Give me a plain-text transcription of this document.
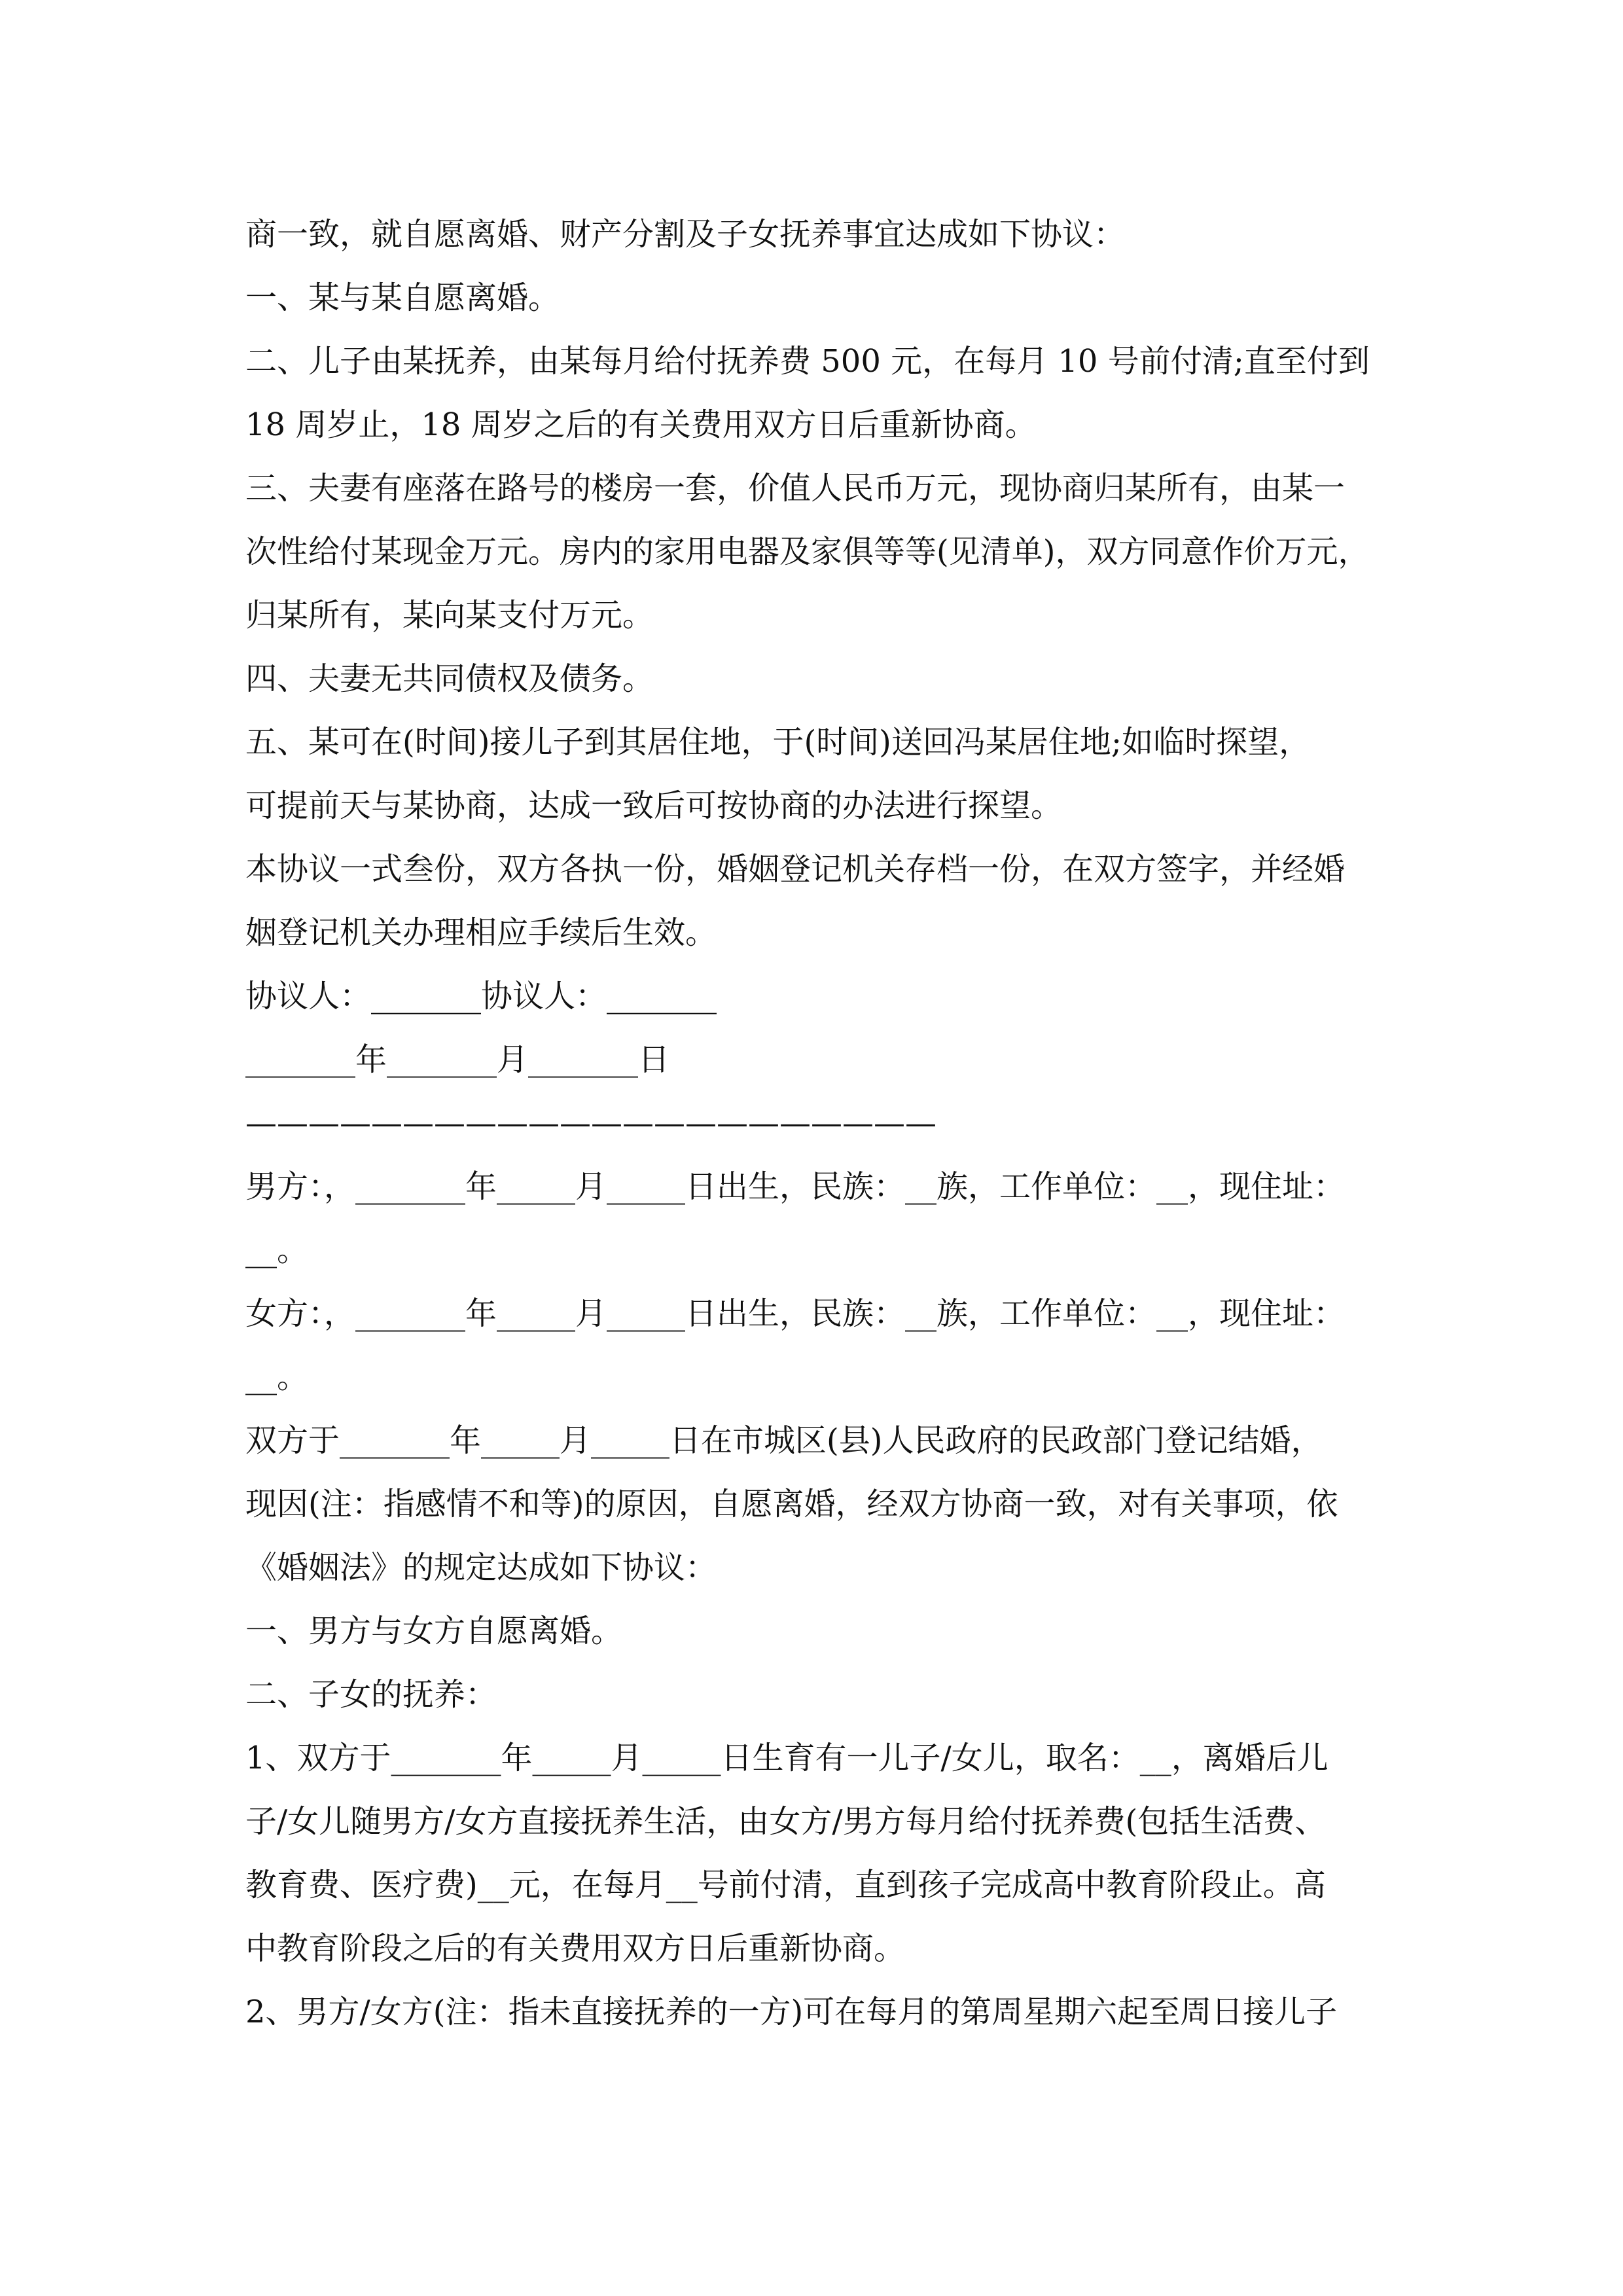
商一致，就自愿离婚、财产分割及子女抚养事宜达成如下协议：
一、某与某自愿离婚。
二、儿子由某抚养，由某每月给付抚养费 500 元，在每月 10 号前付清;直至付到
18 周岁止，18 周岁之后的有关费用双方日后重新协商。
三、夫妻有座落在路号的楼房一套，价值人民币万元，现协商归某所有，由某一
次性给付某现金万元。房内的家用电器及家俱等等(见清单)，双方同意作价万元，
归某所有，某向某支付万元。
四、夫妻无共同债权及债务。
五、某可在(时间)接儿子到其居住地，于(时间)送回冯某居住地;如临时探望，
可提前天与某协商，达成一致后可按协商的办法进行探望。
本协议一式叁份，双方各执一份，婚姻登记机关存档一份，在双方签字，并经婚
姻登记机关办理相应手续后生效。
协议人：_______协议人：_______
_______年_______月_______日
——————————————————————
男方：，_______年_____月_____日出生，民族：__族，工作单位：__，现住址：
__。
女方：，_______年_____月_____日出生，民族：__族，工作单位：__，现住址：
__。
双方于_______年_____月_____日在市城区(县)人民政府的民政部门登记结婚，
现因(注：指感情不和等)的原因，自愿离婚，经双方协商一致，对有关事项，依
《婚姻法》的规定达成如下协议：
一、男方与女方自愿离婚。
二、子女的抚养：
1、双方于_______年_____月_____日生育有一儿子/女儿，取名：__，离婚后儿
子/女儿随男方/女方直接抚养生活，由女方/男方每月给付抚养费(包括生活费、
教育费、医疗费)__元，在每月__号前付清，直到孩子完成高中教育阶段止。高
中教育阶段之后的有关费用双方日后重新协商。
2、男方/女方(注：指未直接抚养的一方)可在每月的第周星期六起至周日接儿子
